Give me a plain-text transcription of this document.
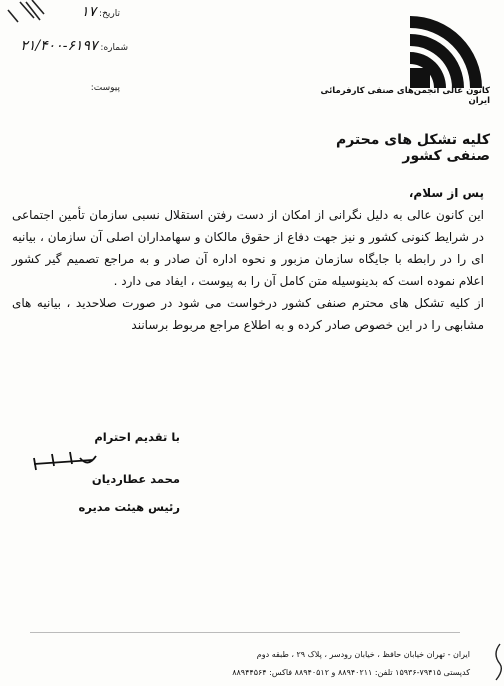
تاریخ: ۱۷
شماره: ۶۱۹۷-۲۱/۴۰۰
پیوست:	کانون عالی انجمن‌های صنفی کارفرمائی ایران
کلیه تشکل های محترم صنفی کشور

پس از سلام،

این کانون عالی به دلیل نگرانی از امکان از دست رفتن استقلال نسبی سازمان تأمین اجتماعی در شرایط کنونی کشور و نیز جهت دفاع از حقوق مالکان و سهامداران اصلی آن سازمان ، بیانیه ای را در رابطه با جایگاه سازمان مزبور و نحوه اداره آن صادر و به مراجع تصمیم گیر کشور اعلام نموده است که بدینوسیله متن کامل آن را به پیوست ، ایفاد می دارد .

از کلیه تشکل های محترم صنفی کشور درخواست می شود در صورت صلاحدید ، بیانیه های مشابهی را در این خصوص صادر کرده و به اطلاع مراجع مربوط برسانند

با تقدیم احترام
محمد عطاردیان
رئیس هیئت مدیره
ایران - تهران خیابان حافظ ، خیابان رودسر ، پلاک ۲۹ ، طبقه دوم
کدپستی ۷۹۴۱۵-۱۵۹۳۶ تلفن: ۸۸۹۴۰۲۱۱ و ۸۸۹۴۰۵۱۲ فاکس: ۸۸۹۴۴۵۶۴
